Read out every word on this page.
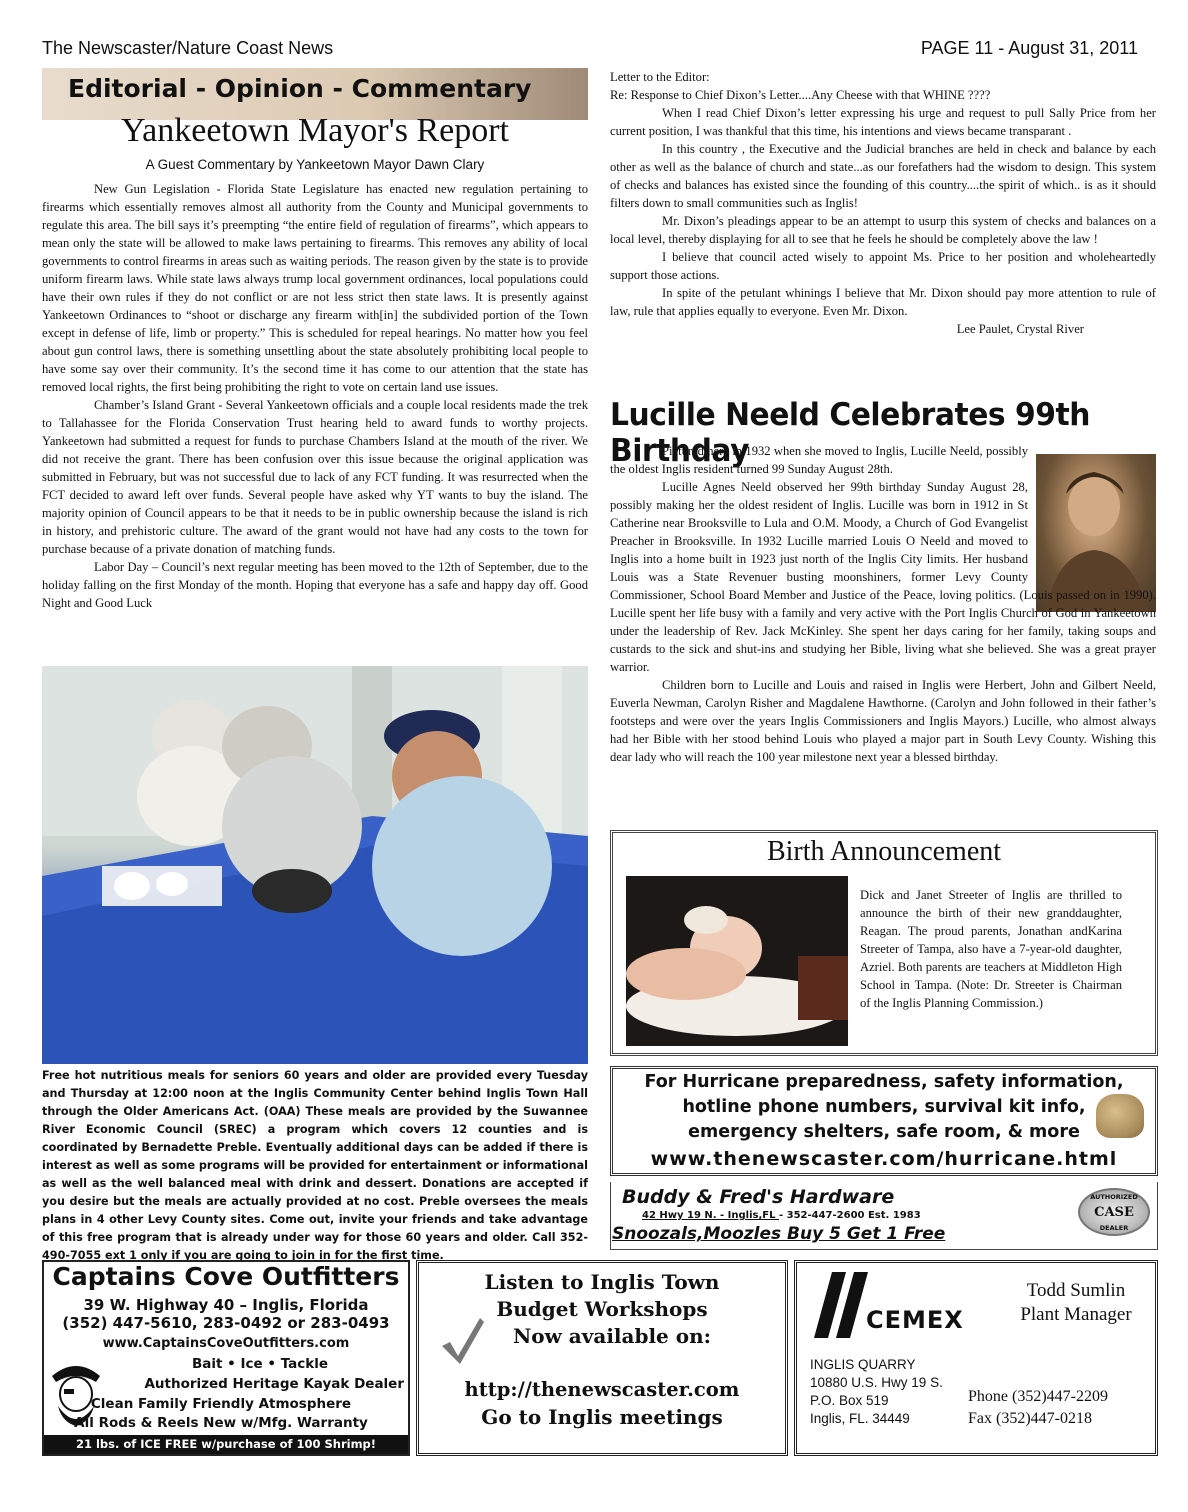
The Newscaster/Nature Coast News	PAGE 11 - August 31, 2011
Editorial - Opinion - Commentary
Yankeetown Mayor's Report
A Guest Commentary by Yankeetown Mayor Dawn Clary

New Gun Legislation - Florida State Legislature has enacted new regulation pertaining to firearms which essentially removes almost all authority from the County and Municipal governments to regulate this area. The bill says it’s preempting “the entire field of regulation of firearms”, which appears to mean only the state will be allowed to make laws pertaining to firearms. This removes any ability of local governments to control firearms in areas such as waiting periods. The reason given by the state is to provide uniform firearm laws. While state laws always trump local government ordinances, local populations could have their own rules if they do not conflict or are not less strict then state laws. It is presently against Yankeetown Ordinances to “shoot or discharge any firearm with[in] the subdivided portion of the Town except in defense of life, limb or property.” This is scheduled for repeal hearings. No matter how you feel about gun control laws, there is something unsettling about the state absolutely prohibiting local people to have some say over their community. It’s the second time it has come to our attention that the state has removed local rights, the first being prohibiting the right to vote on certain land use issues.

Chamber’s Island Grant - Several Yankeetown officials and a couple local residents made the trek to Tallahassee for the Florida Conservation Trust hearing held to award funds to worthy projects. Yankeetown had submitted a request for funds to purchase Chambers Island at the mouth of the river. We did not receive the grant. There has been confusion over this issue because the original application was submitted in February, but was not successful due to lack of any FCT funding. It was resurrected when the FCT decided to award left over funds. Several people have asked why YT wants to buy the island. The majority opinion of Council appears to be that it needs to be in public ownership because the island is rich in history, and prehistoric culture. The award of the grant would not have had any costs to the town for purchase because of a private donation of matching funds.

Labor Day – Council’s next regular meeting has been moved to the 12th of September, due to the holiday falling on the first Monday of the month. Hoping that everyone has a safe and happy day off. Good Night and Good Luck

Free hot nutritious meals for seniors 60 years and older are provided every Tuesday and Thursday at 12:00 noon at the Inglis Community Center behind Inglis Town Hall through the Older Americans Act. (OAA) These meals are provided by the Suwannee River Economic Council (SREC) a program which covers 12 counties and is coordinated by Bernadette Preble. Eventually additional days can be added if there is interest as well as some programs will be provided for entertainment or informational as well as the well balanced meal with drink and dessert. Donations are accepted if you desire but the meals are actually provided at no cost. Preble oversees the meals plans in 4 other Levy County sites. Come out, invite your friends and take advantage of this free program that is already under way for those 60 years and older. Call 352-490-7055 ext 1 only if you are going to join in for the first time.

Letter to the Editor:

Re: Response to Chief Dixon’s Letter....Any Cheese with that WHINE ????

When I read Chief Dixon’s letter expressing his urge and request to pull Sally Price from her current position, I was thankful that this time, his intentions and views became transparant .

In this country , the Executive and the Judicial branches are held in check and balance by each other as well as the balance of church and state...as our forefathers had the wisdom to design. This system of checks and balances has existed since the founding of this country....the spirit of which.. is as it should filters down to small communities such as Inglis!

Mr. Dixon’s pleadings appear to be an attempt to usurp this system of checks and balances on a local level, thereby displaying for all to see that he feels he should be completely above the law !

I believe that council acted wisely to appoint Ms. Price to her position and wholeheartedly support those actions.

In spite of the petulant whinings I believe that Mr. Dixon should pay more attention to rule of law, rule that applies equally to everyone. Even Mr. Dixon.

Lee Paulet, Crystal River

Lucille Neeld Celebrates 99th Birthday

Pictured here in 1932 when she moved to Inglis, Lucille Neeld, possibly the oldest Inglis resident turned 99 Sunday August 28th.

Lucille Agnes Neeld observed her 99th birthday Sunday August 28, possibly making her the oldest resident of Inglis. Lucille was born in 1912 in St Catherine near Brooksville to Lula and O.M. Moody, a Church of God Evangelist Preacher in Brooksville. In 1932 Lucille married Louis O Neeld and moved to Inglis into a home built in 1923 just north of the Inglis City limits. Her husband Louis was a State Revenuer busting moonshiners, former Levy County Commissioner, School Board Member and Justice of the Peace, loving politics. (Louis passed on in 1990). Lucille spent her life busy with a family and very active with the Port Inglis Church of God in Yankeetown under the leadership of Rev. Jack McKinley. She spent her days caring for her family, taking soups and custards to the sick and shut-ins and studying her Bible, living what she believed. She was a great prayer warrior.

Children born to Lucille and Louis and raised in Inglis were Herbert, John and Gilbert Neeld, Euverla Newman, Carolyn Risher and Magdalene Hawthorne. (Carolyn and John followed in their father’s footsteps and were over the years Inglis Commissioners and Inglis Mayors.) Lucille, who almost always had her Bible with her stood behind Louis who played a major part in South Levy County. Wishing this dear lady who will reach the 100 year milestone next year a blessed birthday.

Birth Announcement
Dick and Janet Streeter of Inglis are thrilled to announce the birth of their new granddaughter, Reagan. The proud parents, Jonathan andKarina Streeter of Tampa, also have a 7-year-old daughter, Azriel. Both parents are teachers at Middleton High School in Tampa. (Note: Dr. Streeter is Chairman of the Inglis Planning Commission.)
For Hurricane preparedness, safety information,
hotline phone numbers, survival kit info,
emergency shelters, safe room, & more
www.thenewscaster.com/hurricane.html
Buddy & Fred's Hardware
42 Hwy 19 N. - Inglis,FL - 352-447-2600 Est. 1983
Snoozals,Moozles Buy 5 Get 1 Free
AUTHORIZED
CASE
DEALER
Captains Cove Outfitters
39 W. Highway 40 – Inglis, Florida
(352) 447-5610, 283-0492 or 283-0493
www.CaptainsCoveOutfitters.com
Bait • Ice • Tackle
Authorized Heritage Kayak Dealer
Clean Family Friendly Atmosphere
All Rods & Reels New w/Mfg. Warranty
21 lbs. of ICE FREE w/purchase of 100 Shrimp!
Listen to Inglis Town
Budget Workshops
Now available on:
http://thenewscaster.com
Go to Inglis meetings
CEMEX
Todd Sumlin
Plant Manager
INGLIS QUARRY
10880 U.S. Hwy 19 S.
P.O. Box 519
Inglis, FL. 34449
Phone (352)447-2209
Fax (352)447-0218
